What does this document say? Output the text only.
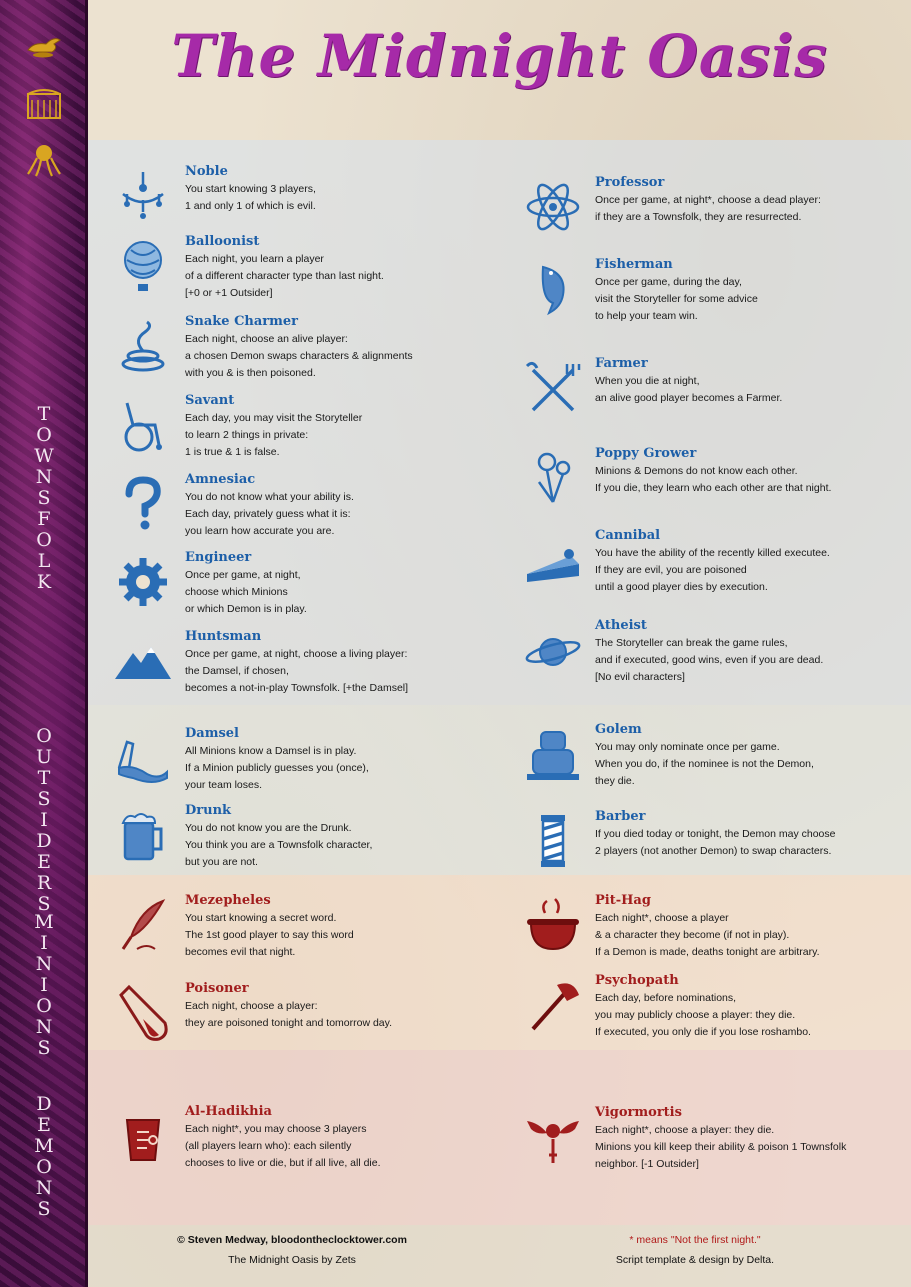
T
O
W
N
S
F
O
L
K
O
U
T
S
I
D
E
R
S
M
I
N
I
O
N
S
D
E
M
O
N
S
The Midnight Oasis
Noble
You start knowing 3 players,
1 and only 1 of which is evil.
Balloonist
Each night, you learn a player
of a different character type than last night.
[+0 or +1 Outsider]
Snake Charmer
Each night, choose an alive player:
a chosen Demon swaps characters & alignments
with you & is then poisoned.
Savant
Each day, you may visit the Storyteller
to learn 2 things in private:
1 is true & 1 is false.
Amnesiac
You do not know what your ability is.
Each day, privately guess what it is:
you learn how accurate you are.
Engineer
Once per game, at night,
choose which Minions
or which Demon is in play.
Huntsman
Once per game, at night, choose a living player:
the Damsel, if chosen,
becomes a not-in-play Townsfolk. [+the Damsel]
Professor
Once per game, at night*, choose a dead player:
if they are a Townsfolk, they are resurrected.
Fisherman
Once per game, during the day,
visit the Storyteller for some advice
to help your team win.
Farmer
When you die at night,
an alive good player becomes a Farmer.
Poppy Grower
Minions & Demons do not know each other.
If you die, they learn who each other are that night.
Cannibal
You have the ability of the recently killed executee.
If they are evil, you are poisoned
until a good player dies by execution.
Atheist
The Storyteller can break the game rules,
and if executed, good wins, even if you are dead.
[No evil characters]
Damsel
All Minions know a Damsel is in play.
If a Minion publicly guesses you (once),
your team loses.
Drunk
You do not know you are the Drunk.
You think you are a Townsfolk character,
but you are not.
Golem
You may only nominate once per game.
When you do, if the nominee is not the Demon,
they die.
Barber
If you died today or tonight, the Demon may choose
2 players (not another Demon) to swap characters.
Mezepheles
You start knowing a secret word.
The 1st good player to say this word
becomes evil that night.
Poisoner
Each night, choose a player:
they are poisoned tonight and tomorrow day.
Pit-Hag
Each night*, choose a player
& a character they become (if not in play).
If a Demon is made, deaths tonight are arbitrary.
Psychopath
Each day, before nominations,
you may publicly choose a player: they die.
If executed, you only die if you lose roshambo.
Al-Hadikhia
Each night*, you may choose 3 players
(all players learn who): each silently
chooses to live or die, but if all live, all die.
Vigormortis
Each night*, choose a player: they die.
Minions you kill keep their ability & poison 1 Townsfolk
neighbor. [-1 Outsider]
© Steven Medway, bloodontheclocktower.com
The Midnight Oasis by Zets
* means "Not the first night."
Script template & design by Delta.
